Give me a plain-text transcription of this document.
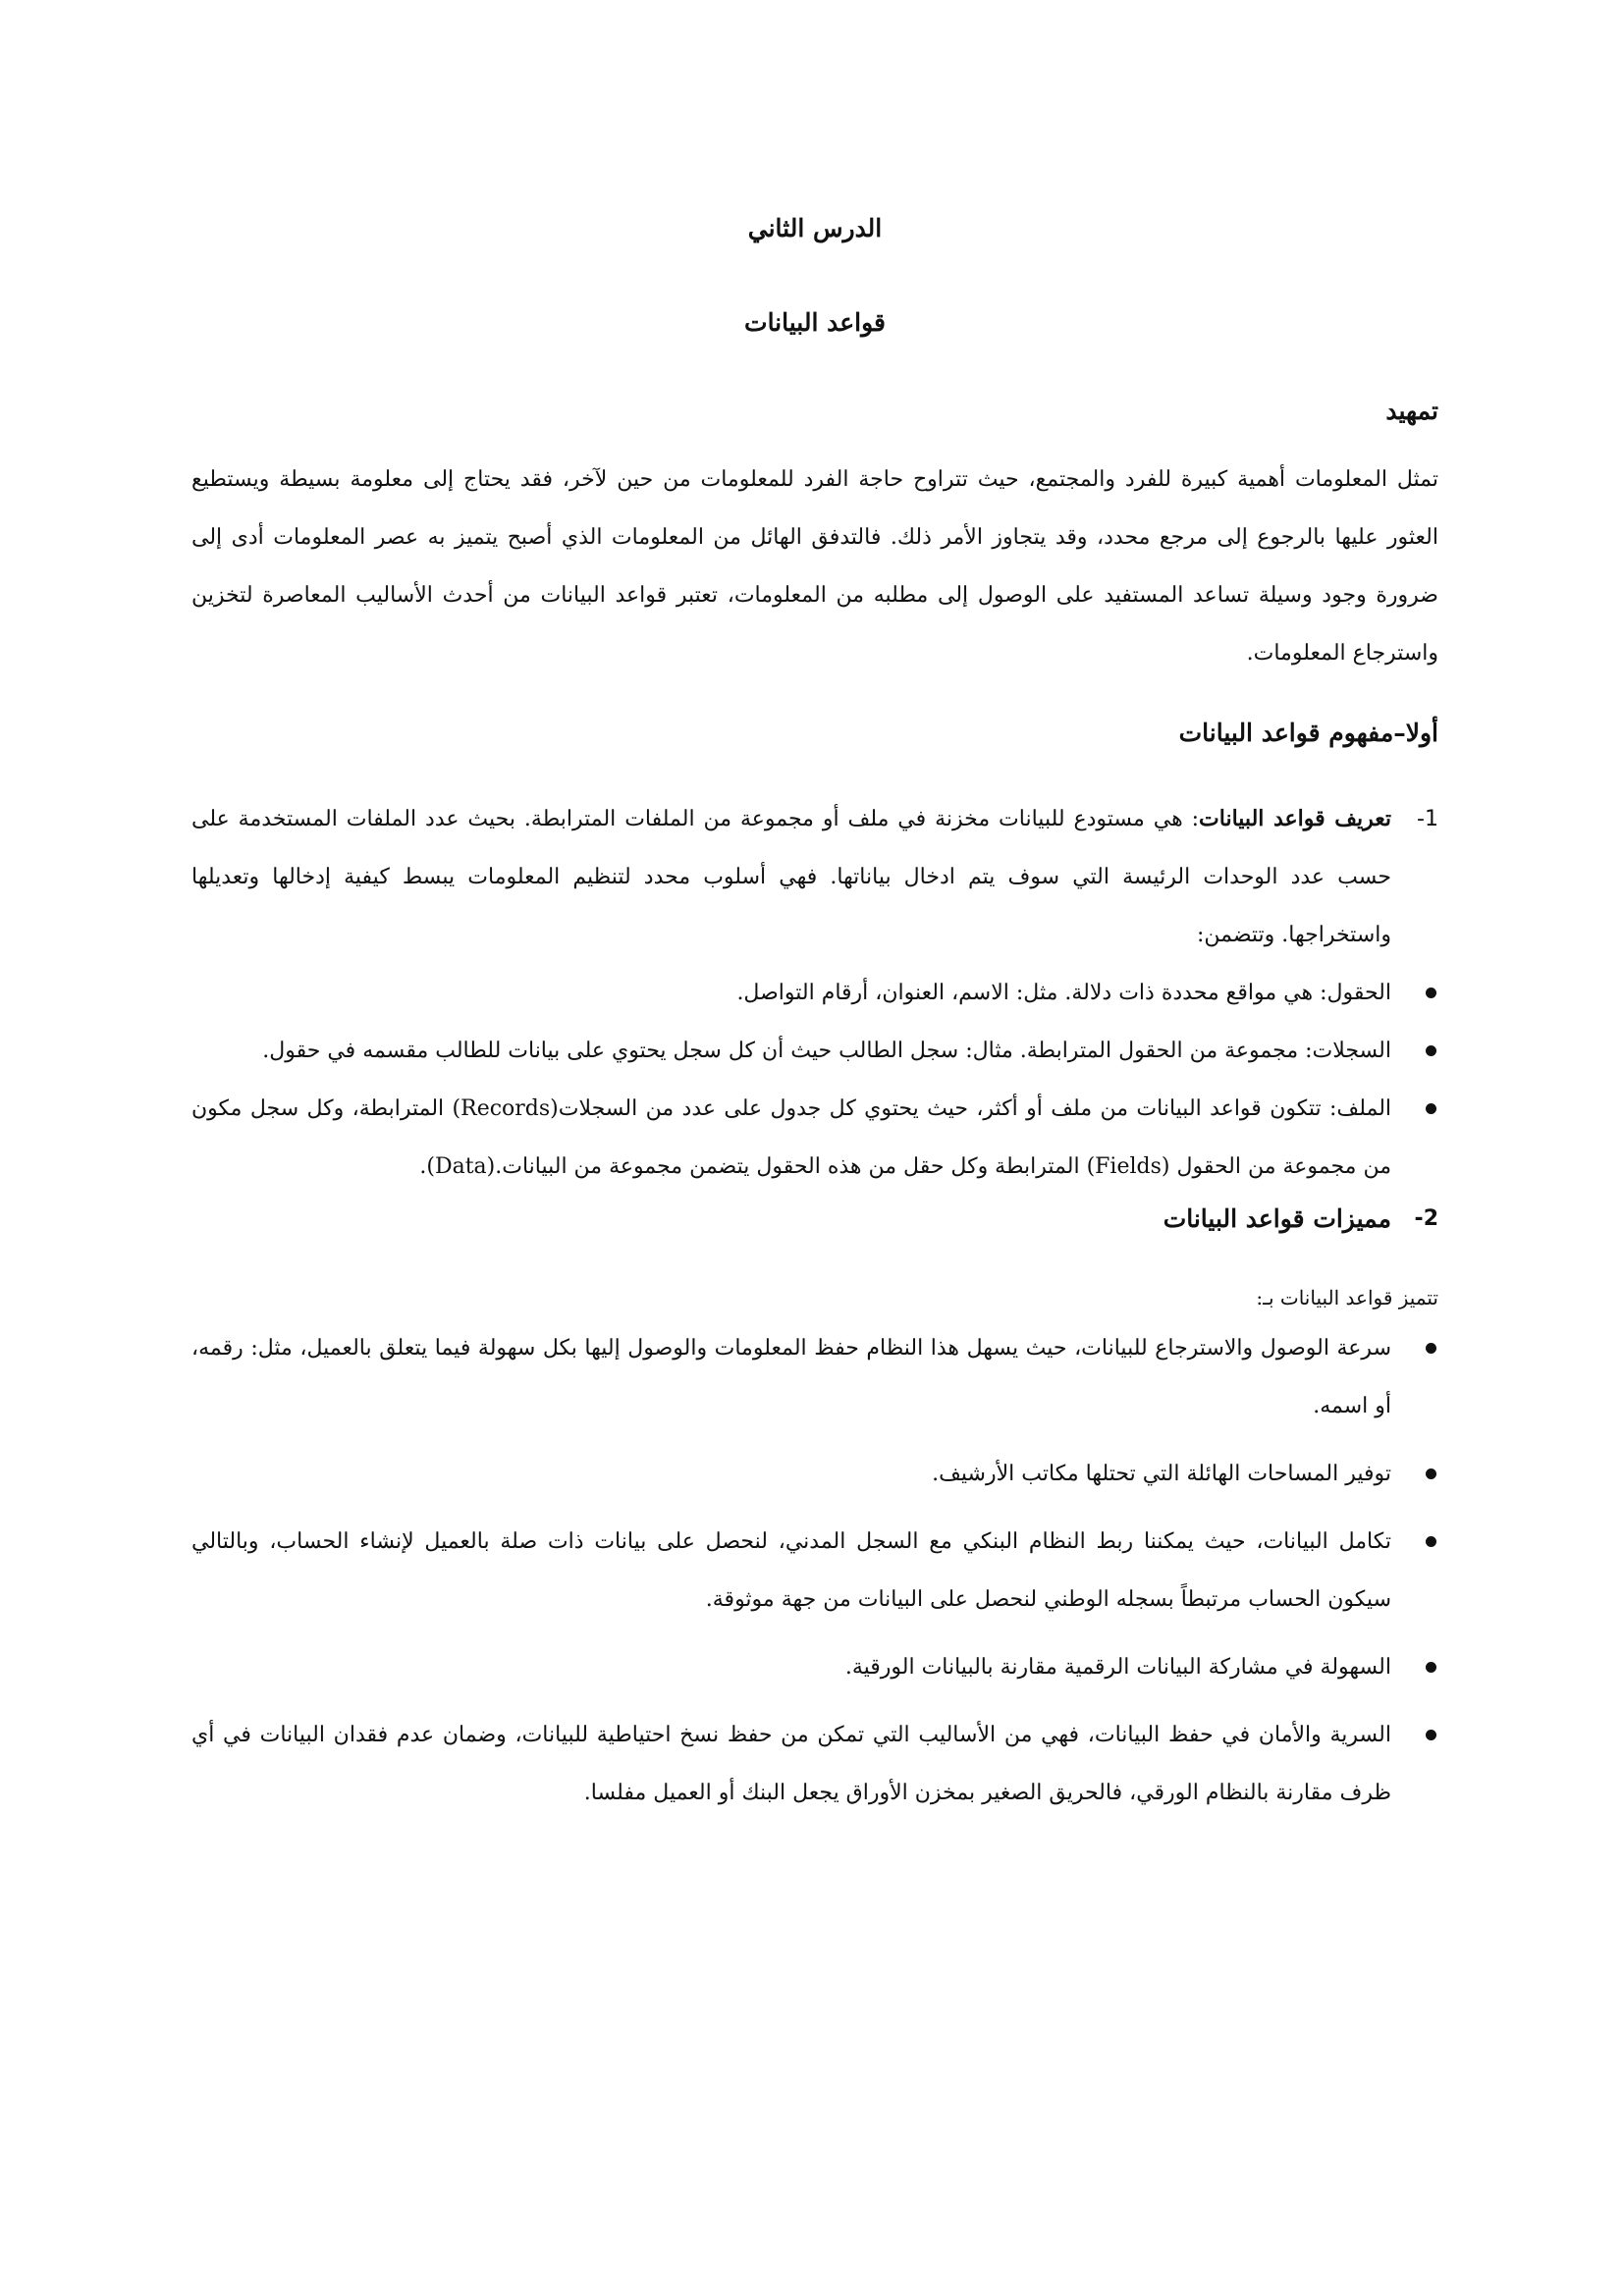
الدرس الثاني
قواعد البيانات
تمهيد

تمثل المعلومات أهمية كبيرة للفرد والمجتمع، حيث تتراوح حاجة الفرد للمعلومات من حين لآخر، فقد يحتاج إلى معلومة بسيطة ويستطيع العثور عليها بالرجوع إلى مرجع محدد، وقد يتجاوز الأمر ذلك. فالتدفق الهائل من المعلومات الذي أصبح يتميز به عصر المعلومات أدى إلى ضرورة وجود وسيلة تساعد المستفيد على الوصول إلى مطلبه من المعلومات، تعتبر قواعد البيانات من أحدث الأساليب المعاصرة لتخزين واسترجاع المعلومات.

أولا–مفهوم قواعد البيانات

1-
تعريف قواعد البيانات: هي مستودع للبيانات مخزنة في ملف أو مجموعة من الملفات المترابطة. بحيث عدد الملفات المستخدمة على حسب عدد الوحدات الرئيسة التي سوف يتم ادخال بياناتها. فهي أسلوب محدد لتنظيم المعلومات يبسط كيفية إدخالها وتعديلها واستخراجها. وتتضمن:

الحقول: هي مواقع محددة ذات دلالة. مثل: الاسم، العنوان، أرقام التواصل.
السجلات: مجموعة من الحقول المترابطة. مثال: سجل الطالب حيث أن كل سجل يحتوي على بيانات للطالب مقسمه في حقول.
الملف: تتكون قواعد البيانات من ملف أو أكثر، حيث يحتوي كل جدول على عدد من السجلات(Records) المترابطة، وكل سجل مكون من مجموعة من الحقول (Fields) المترابطة وكل حقل من هذه الحقول يتضمن مجموعة من البيانات.(Data).
2-
مميزات قواعد البيانات

تتميز قواعد البيانات بـ:

سرعة الوصول والاسترجاع للبيانات، حيث يسهل هذا النظام حفظ المعلومات والوصول إليها بكل سهولة فيما يتعلق بالعميل، مثل: رقمه، أو اسمه.
توفير المساحات الهائلة التي تحتلها مكاتب الأرشيف.
تكامل البيانات، حيث يمكننا ربط النظام البنكي مع السجل المدني، لنحصل على بيانات ذات صلة بالعميل لإنشاء الحساب، وبالتالي سيكون الحساب مرتبطاً بسجله الوطني لنحصل على البيانات من جهة موثوقة.
السهولة في مشاركة البيانات الرقمية مقارنة بالبيانات الورقية.
السرية والأمان في حفظ البيانات، فهي من الأساليب التي تمكن من حفظ نسخ احتياطية للبيانات، وضمان عدم فقدان البيانات في أي ظرف مقارنة بالنظام الورقي، فالحريق الصغير بمخزن الأوراق يجعل البنك أو العميل مفلسا.
